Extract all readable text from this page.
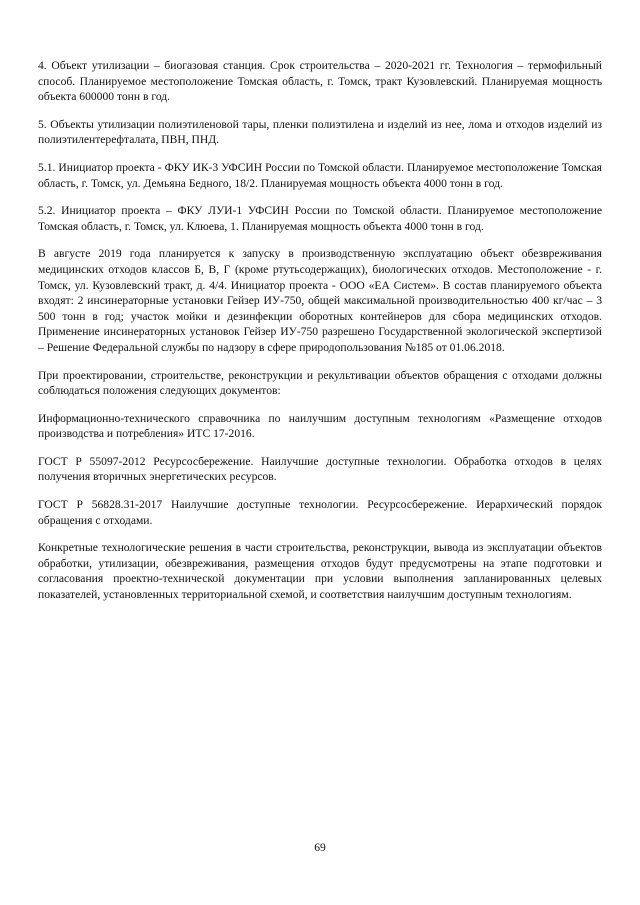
4. Объект утилизации – биогазовая станция. Срок строительства – 2020-2021 гг. Технология – термофильный способ. Планируемое местоположение Томская область, г. Томск, тракт Кузовлевский. Планируемая мощность объекта 600000 тонн в год.

5. Объекты утилизации полиэтиленовой тары, пленки полиэтилена и изделий из нее, лома и отходов изделий из полиэтилентерефталата, ПВН, ПНД.

5.1. Инициатор проекта - ФКУ ИК-3 УФСИН России по Томской области. Планируемое местоположение Томская область, г. Томск, ул. Демьяна Бедного, 18/2. Планируемая мощность объекта 4000 тонн в год.

5.2. Инициатор проекта – ФКУ ЛУИ-1 УФСИН России по Томской области. Планируемое местоположение Томская область, г. Томск, ул. Клюева, 1. Планируемая мощность объекта 4000 тонн в год.

В августе 2019 года планируется к запуску в производственную эксплуатацию объект обезвреживания медицинских отходов классов Б, В, Г (кроме ртутьсодержащих), биологических отходов. Местоположение - г. Томск, ул. Кузовлевский тракт, д. 4/4. Инициатор проекта - ООО «ЕА Систем». В состав планируемого объекта входят: 2 инсинераторные установки Гейзер ИУ-750, общей максимальной производительностью 400 кг/час – 3 500 тонн в год; участок мойки и дезинфекции оборотных контейнеров для сбора медицинских отходов. Применение инсинераторных установок Гейзер ИУ-750 разрешено Государственной экологической экспертизой – Решение Федеральной службы по надзору в сфере природопользования №185 от 01.06.2018.

При проектировании, строительстве, реконструкции и рекультивации объектов обращения с отходами должны соблюдаться положения следующих документов:

Информационно-технического справочника по наилучшим доступным технологиям «Размещение отходов производства и потребления» ИТС 17-2016.

ГОСТ Р 55097-2012 Ресурсосбережение. Наилучшие доступные технологии. Обработка отходов в целях получения вторичных энергетических ресурсов.

ГОСТ Р 56828.31-2017 Наилучшие доступные технологии. Ресурсосбережение. Иерархический порядок обращения с отходами.

Конкретные технологические решения в части строительства, реконструкции, вывода из эксплуатации объектов обработки, утилизации, обезвреживания, размещения отходов будут предусмотрены на этапе подготовки и согласования проектно-технической документации при условии выполнения запланированных целевых показателей, установленных территориальной схемой, и соответствия наилучшим доступным технологиям.

69
